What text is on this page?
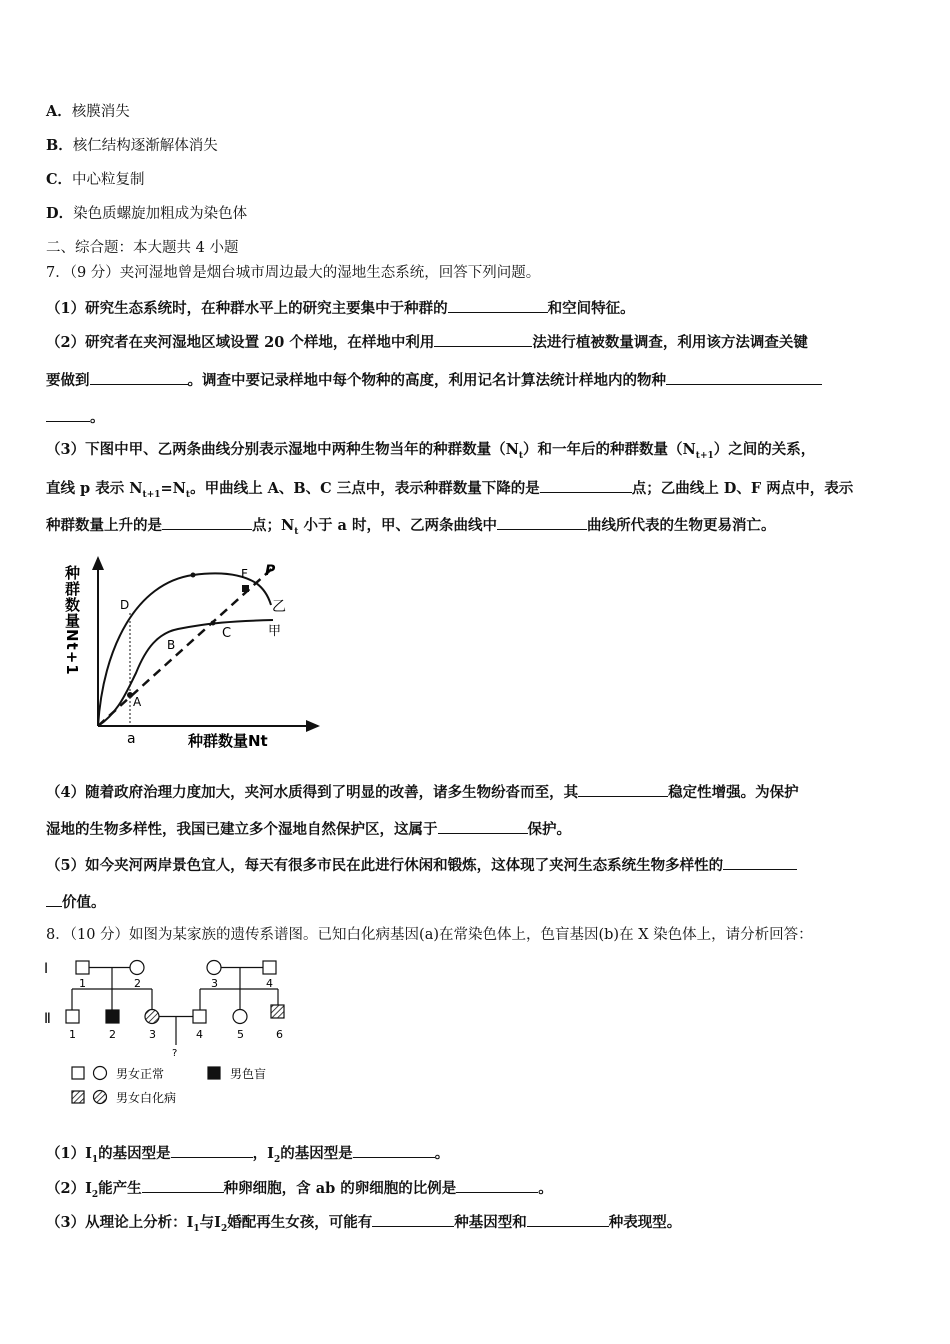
A．核膜消失
B．核仁结构逐渐解体消失
C．中心粒复制
D．染色质螺旋加粗成为染色体
二、综合题：本大题共 4 小题
7．（9 分）夹河湿地曾是烟台城市周边最大的湿地生态系统，回答下列问题。
（1）研究生态系统时，在种群水平上的研究主要集中于种群的	和空间特征。
（2）研究者在夹河湿地区域设置 20 个样地，在样地中利用	法进行植被数量调查，利用该方法调查关键
要做到	。调查中要记录样地中每个物种的高度，利用记名计算法统计样地内的物种
。
（3）下图中甲、乙两条曲线分别表示湿地中两种生物当年的种群数量$(N_t)$和一年后的种群数量$(N_{t+1})$之间的关系，
直线 p 表示 $N_{t+1}=N_t$。甲曲线上 A、B、C 三点中，表示种群数量下降的是	点；乙曲线上 D、F 两点中，表示
种群数量上升的是	点；$N_t$ 小于 a 时，甲、乙两条曲线中	曲线所代表的生物更易消亡。
种群数量Nt+1
种群数量Nt
a
P
乙
甲
A
B
C
D
F
（4）随着政府治理力度加大，夹河水质得到了明显的改善，诸多生物纷沓而至，其	稳定性增强。为保护
湿地的生物多样性，我国已建立多个湿地自然保护区，这属于	保护。
（5）如今夹河两岸景色宜人，每天有很多市民在此进行休闲和锻炼，这体现了夹河生态系统生物多样性的
价值。
8．（10 分）如图为某家族的遗传系谱图。已知白化病基因(a)在常染色体上，色盲基因(b)在 X 染色体上，请分析回答：
Ⅰ
Ⅱ
1	2	3	4
1	2	3	4	5	6
?
男女正常	男色盲
男女白化病
$(1)Ⅰ_1$的基因型是	，$Ⅰ_2$的基因型是	。
$(2)Ⅰ_2$能产生	种卵细胞，含 ab 的卵细胞的比例是	。
（3）从理论上分析：$Ⅰ_1$与$Ⅰ_2$婚配再生女孩，可能有	种基因型和	种表现型。
